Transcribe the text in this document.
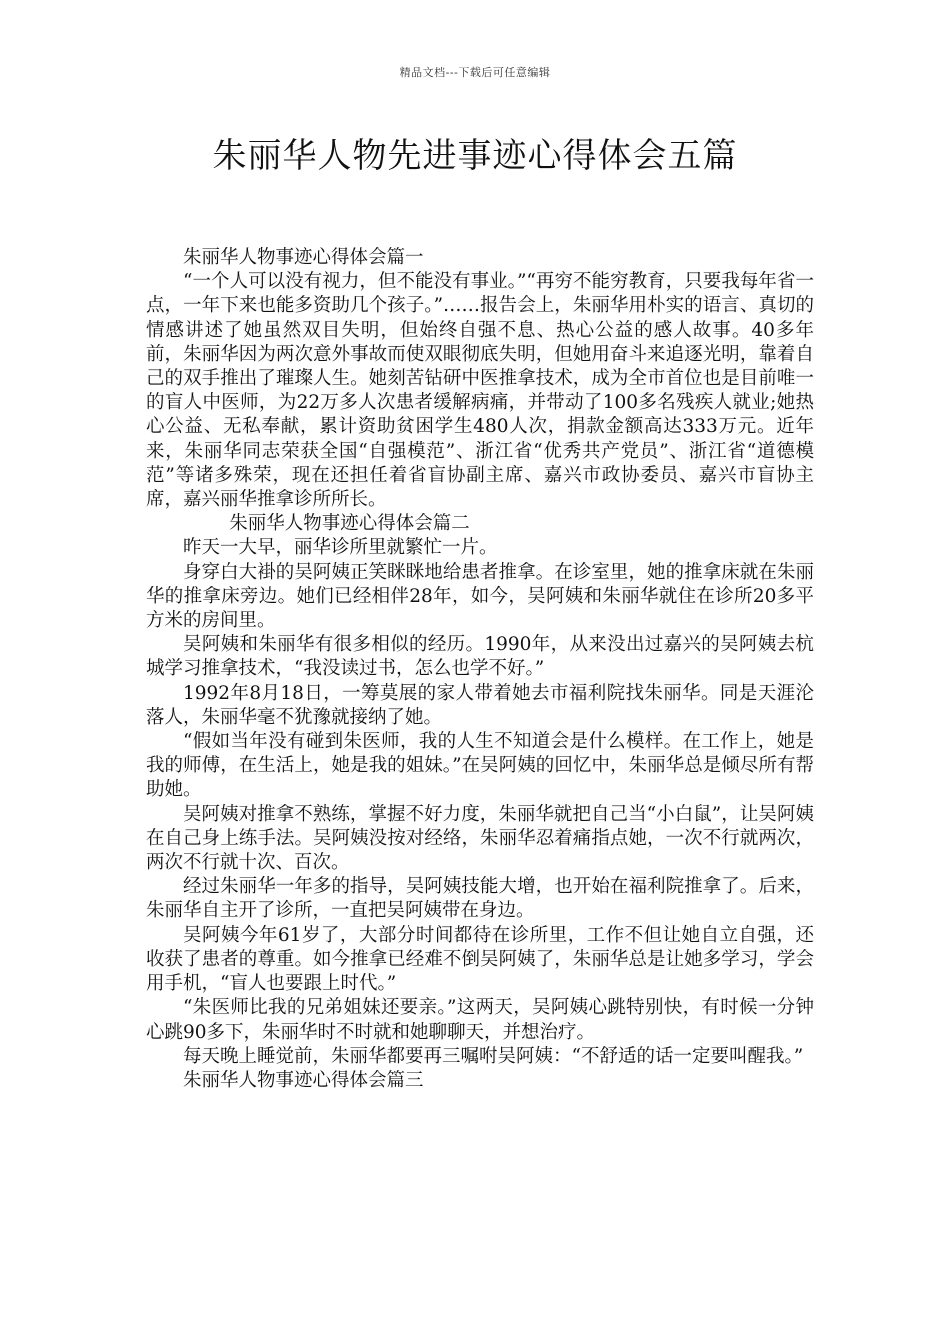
精品文档---下载后可任意编辑
朱丽华人物先进事迹心得体会五篇

朱丽华人物事迹心得体会篇一

“一个人可以没有视力，但不能没有事业。”“再穷不能穷教育，只要我每年省一点，一年下来也能多资助几个孩子。”……报告会上，朱丽华用朴实的语言、真切的情感讲述了她虽然双目失明，但始终自强不息、热心公益的感人故事。40多年前，朱丽华因为两次意外事故而使双眼彻底失明，但她用奋斗来追逐光明，靠着自己的双手推出了璀璨人生。她刻苦钻研中医推拿技术，成为全市首位也是目前唯一的盲人中医师，为22万多人次患者缓解病痛，并带动了100多名残疾人就业;她热心公益、无私奉献，累计资助贫困学生480人次，捐款金额高达333万元。近年来，朱丽华同志荣获全国“自强模范”、浙江省“优秀共产党员”、浙江省“道德模范”等诸多殊荣，现在还担任着省盲协副主席、嘉兴市政协委员、嘉兴市盲协主席，嘉兴丽华推拿诊所所长。

朱丽华人物事迹心得体会篇二

昨天一大早，丽华诊所里就繁忙一片。

身穿白大褂的吴阿姨正笑眯眯地给患者推拿。在诊室里，她的推拿床就在朱丽华的推拿床旁边。她们已经相伴28年，如今，吴阿姨和朱丽华就住在诊所20多平方米的房间里。

吴阿姨和朱丽华有很多相似的经历。1990年，从来没出过嘉兴的吴阿姨去杭城学习推拿技术，“我没读过书，怎么也学不好。”

1992年8月18日，一筹莫展的家人带着她去市福利院找朱丽华。同是天涯沦落人，朱丽华毫不犹豫就接纳了她。

“假如当年没有碰到朱医师，我的人生不知道会是什么模样。在工作上，她是我的师傅，在生活上，她是我的姐妹。”在吴阿姨的回忆中，朱丽华总是倾尽所有帮助她。

吴阿姨对推拿不熟练，掌握不好力度，朱丽华就把自己当“小白鼠”，让吴阿姨在自己身上练手法。吴阿姨没按对经络，朱丽华忍着痛指点她，一次不行就两次，两次不行就十次、百次。

经过朱丽华一年多的指导，吴阿姨技能大增，也开始在福利院推拿了。后来，朱丽华自主开了诊所，一直把吴阿姨带在身边。

吴阿姨今年61岁了，大部分时间都待在诊所里，工作不但让她自立自强，还收获了患者的尊重。如今推拿已经难不倒吴阿姨了，朱丽华总是让她多学习，学会用手机，“盲人也要跟上时代。”

“朱医师比我的兄弟姐妹还要亲。”这两天，吴阿姨心跳特别快，有时候一分钟心跳90多下，朱丽华时不时就和她聊聊天，并想治疗。

每天晚上睡觉前，朱丽华都要再三嘱咐吴阿姨：“不舒适的话一定要叫醒我。”

朱丽华人物事迹心得体会篇三
